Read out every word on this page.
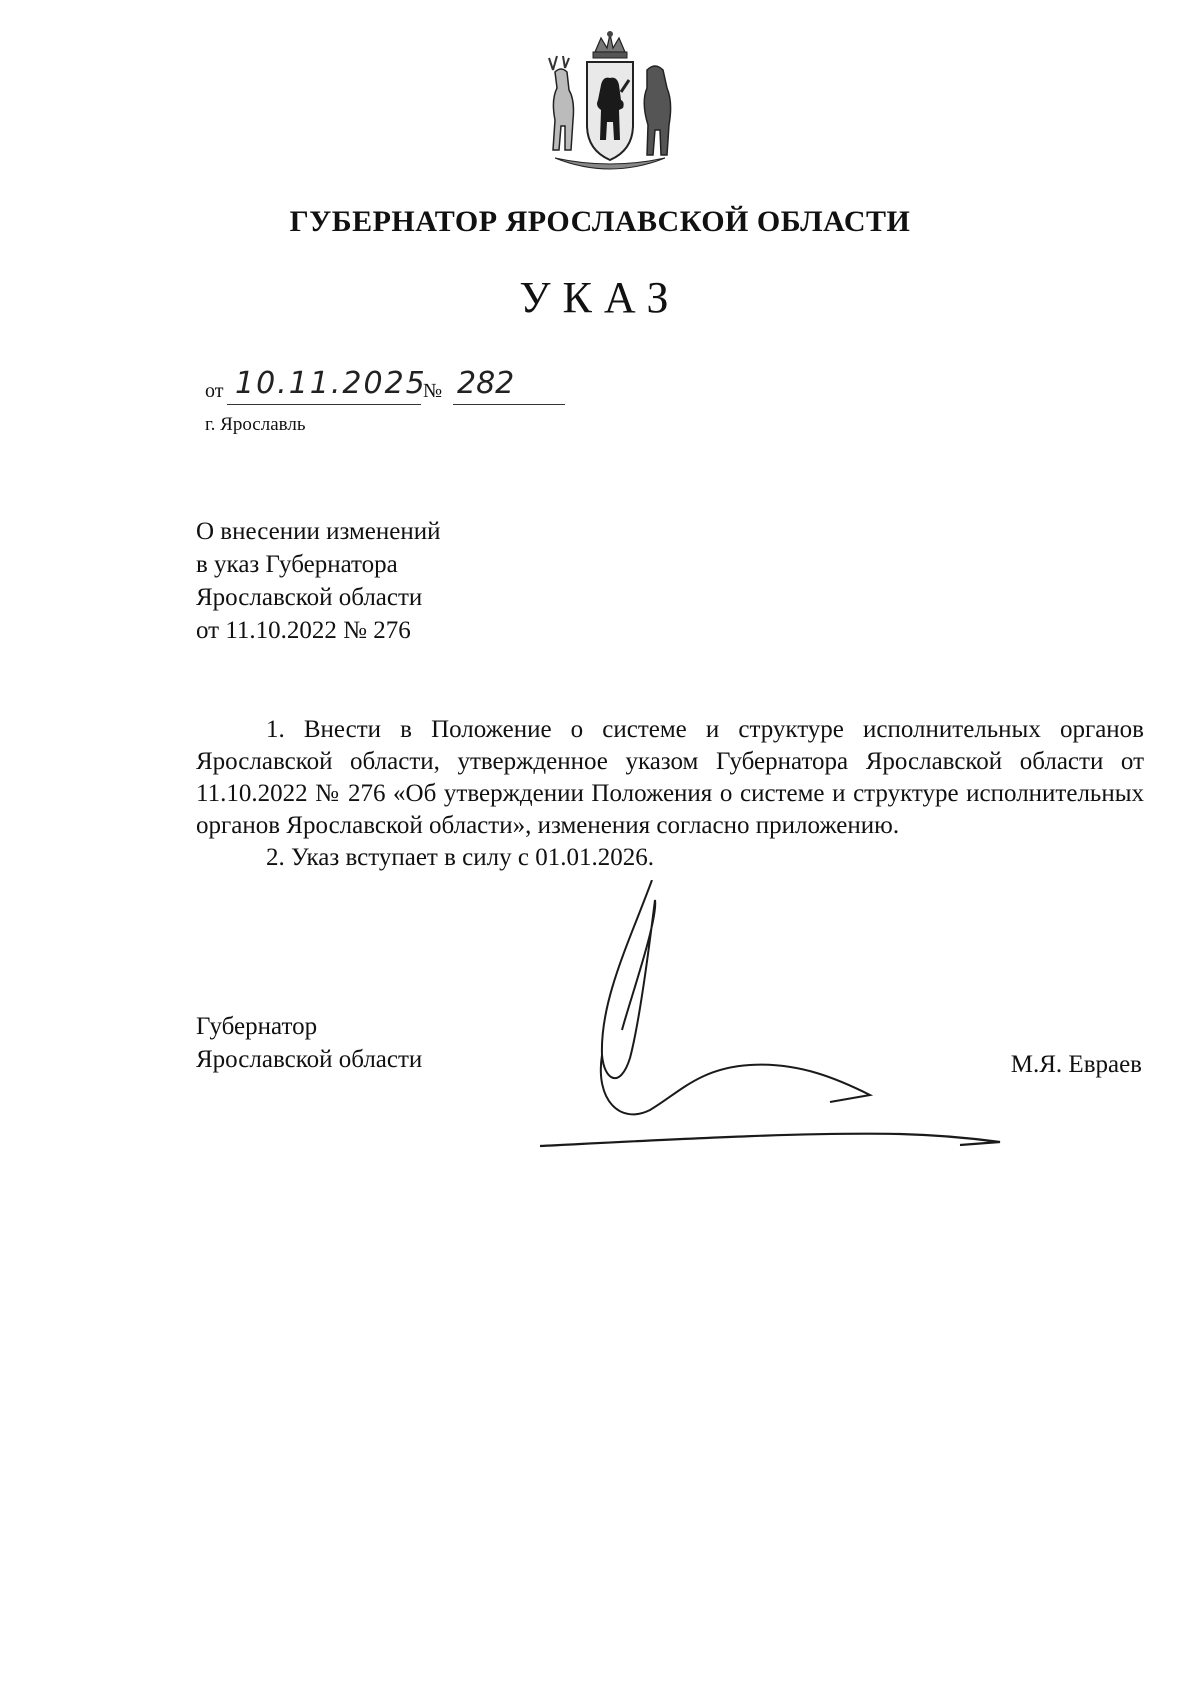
ГУБЕРНАТОР ЯРОСЛАВСКОЙ ОБЛАСТИ
УКАЗ
от 10.11.2025
№ 282
г. Ярославль
О внесении изменений
в указ Губернатора
Ярославской области
от 11.10.2022 № 276

1. Внести в Положение о системе и структуре исполнительных органов Ярославской области, утвержденное указом Губернатора Ярославской области от 11.10.2022 № 276 «Об утверждении Положения о системе и структуре исполнительных органов Ярославской области», изменения согласно приложению.

2. Указ вступает в силу с 01.01.2026.

Губернатор
Ярославской области	М.Я. Евраев
